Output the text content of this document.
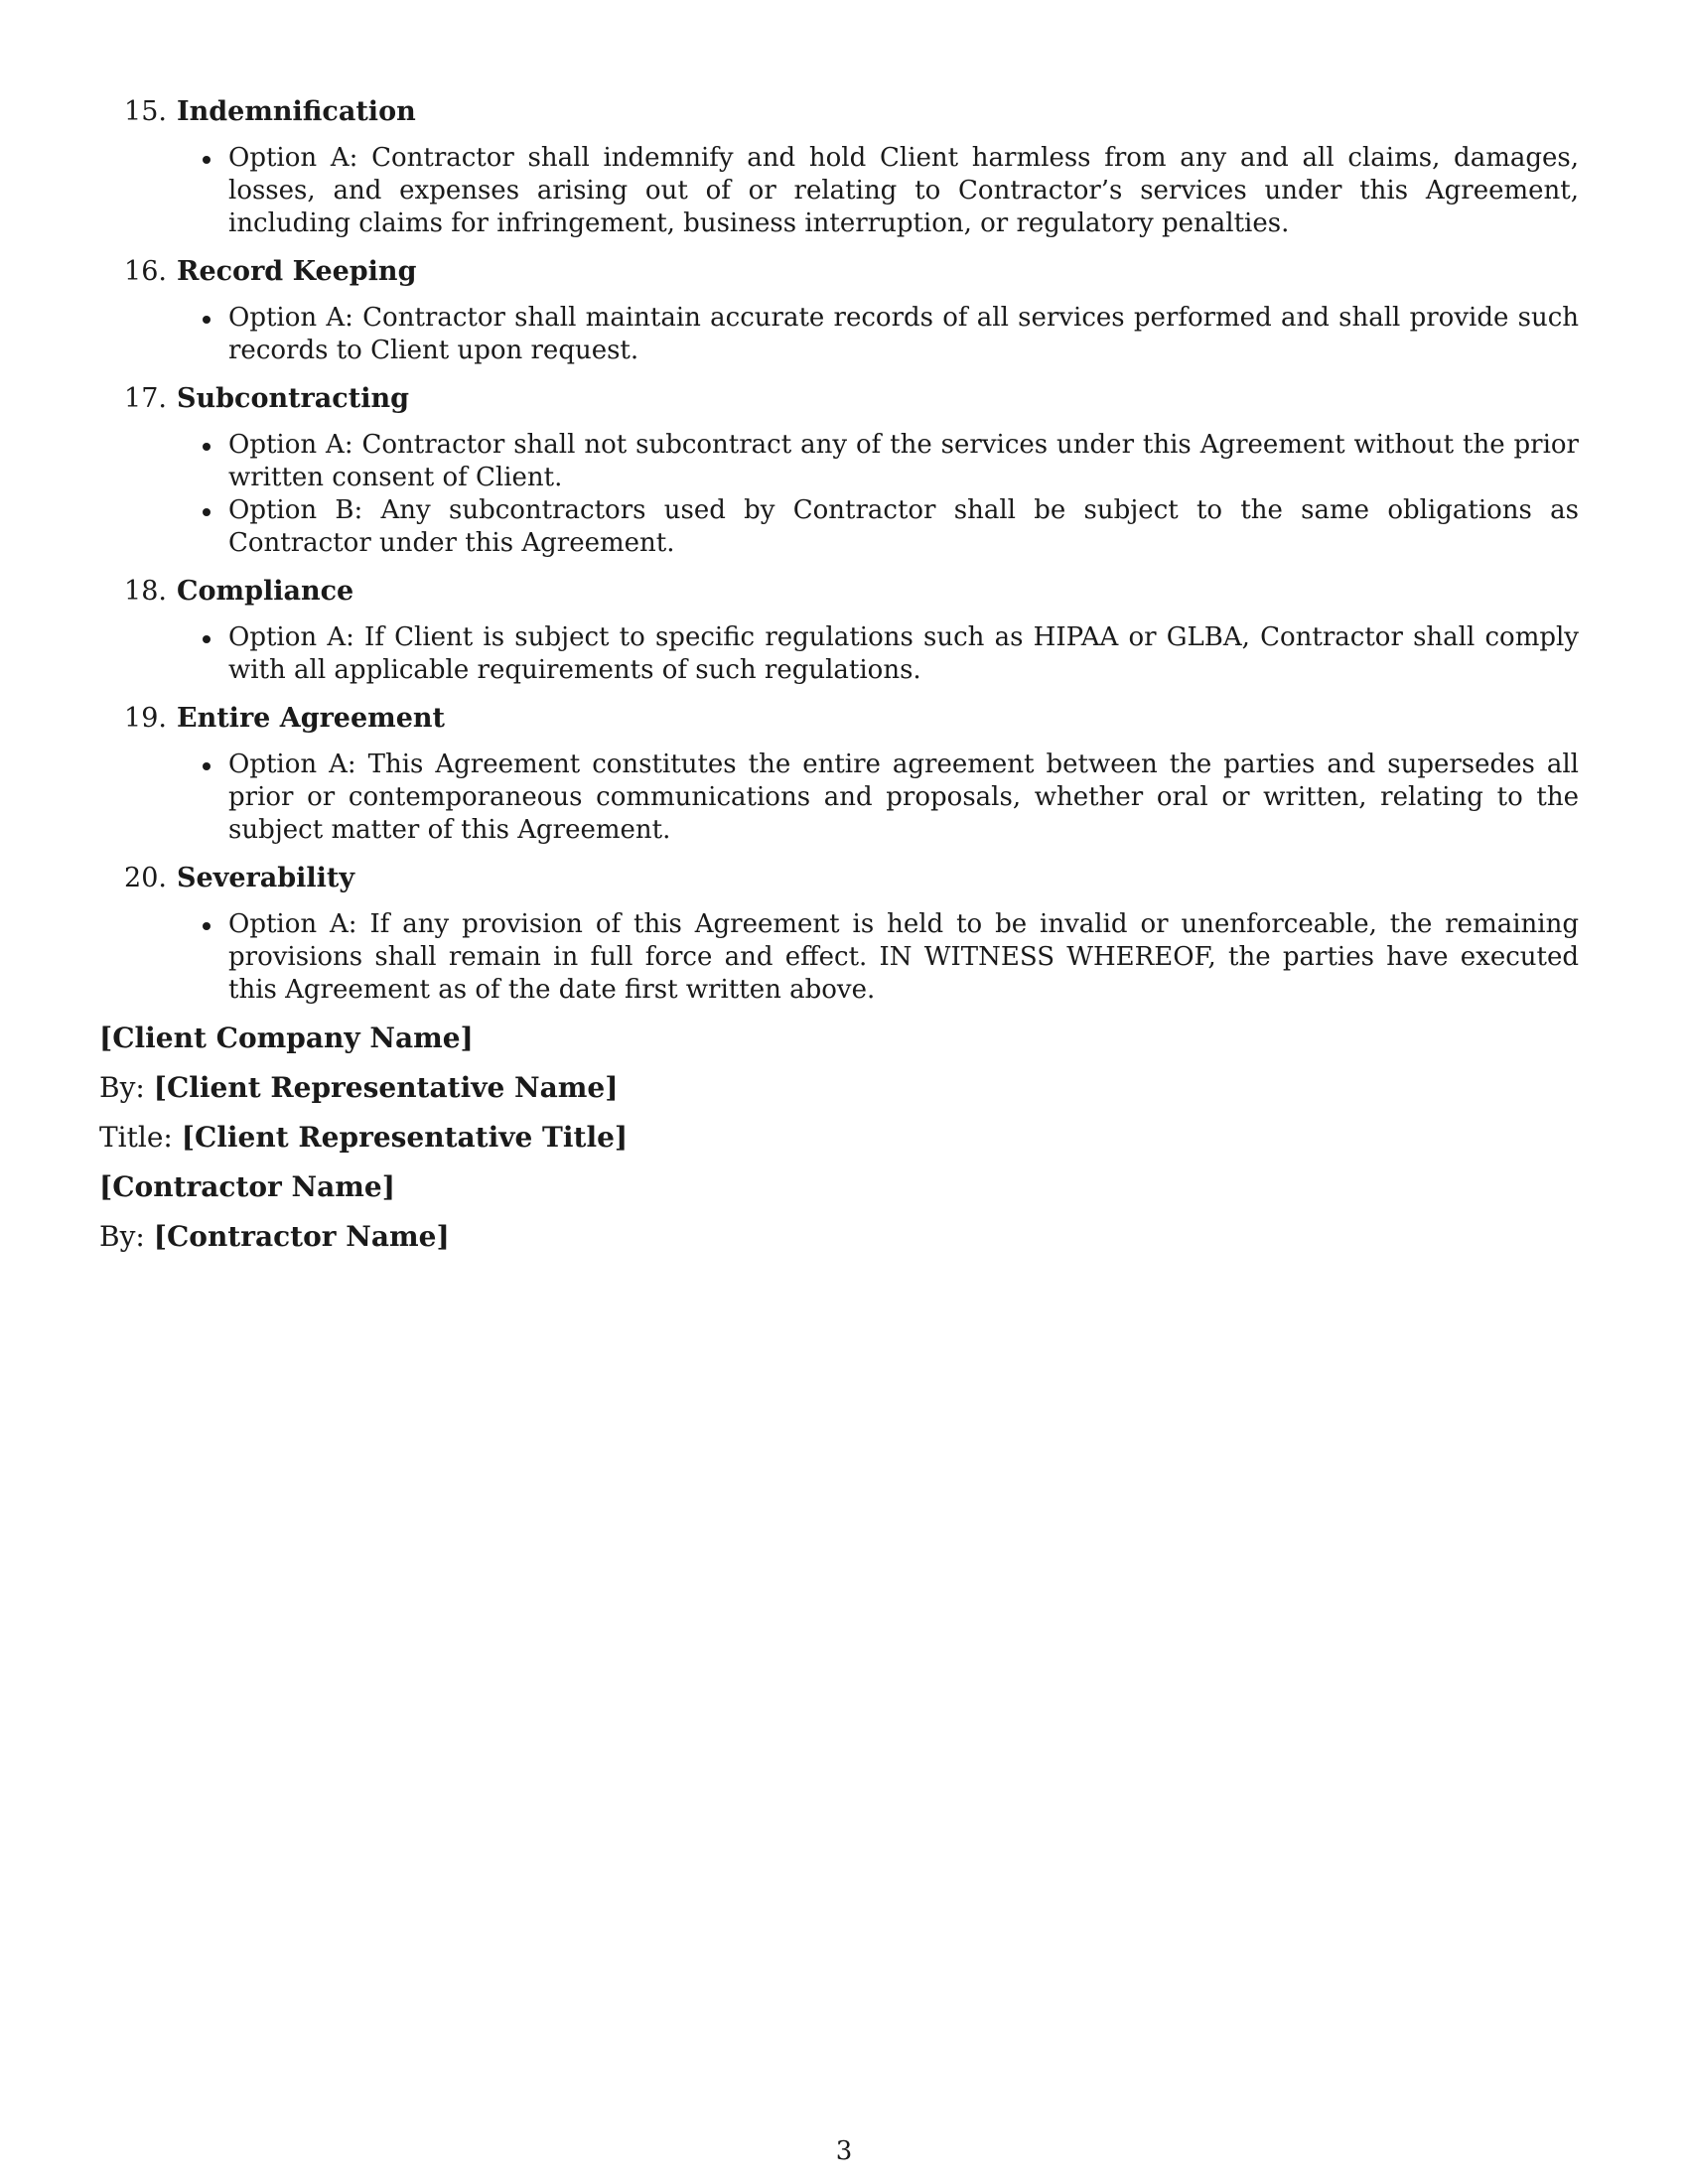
15. Indemnification
Option A: Contractor shall indemnify and hold Client harmless from any and all claims, damages, losses, and expenses arising out of or relating to Contractor’s services under this Agreement, including claims for infringement, business interruption, or regulatory penalties.
16. Record Keeping
Option A: Contractor shall maintain accurate records of all services performed and shall provide such records to Client upon request.
17. Subcontracting
Option A: Contractor shall not subcontract any of the services under this Agreement without the prior written consent of Client.
Option B: Any subcontractors used by Contractor shall be subject to the same obligations as Contractor under this Agreement.
18. Compliance
Option A: If Client is subject to specific regulations such as HIPAA or GLBA, Contractor shall comply with all applicable requirements of such regulations.
19. Entire Agreement
Option A: This Agreement constitutes the entire agreement between the parties and supersedes all prior or contemporaneous communications and proposals, whether oral or written, relating to the subject matter of this Agreement.
20. Severability
Option A: If any provision of this Agreement is held to be invalid or unenforceable, the remaining provisions shall remain in full force and effect. IN WITNESS WHEREOF, the parties have executed this Agreement as of the date first written above.
[Client Company Name]
By: [Client Representative Name]
Title: [Client Representative Title]
[Contractor Name]
By: [Contractor Name]
3
